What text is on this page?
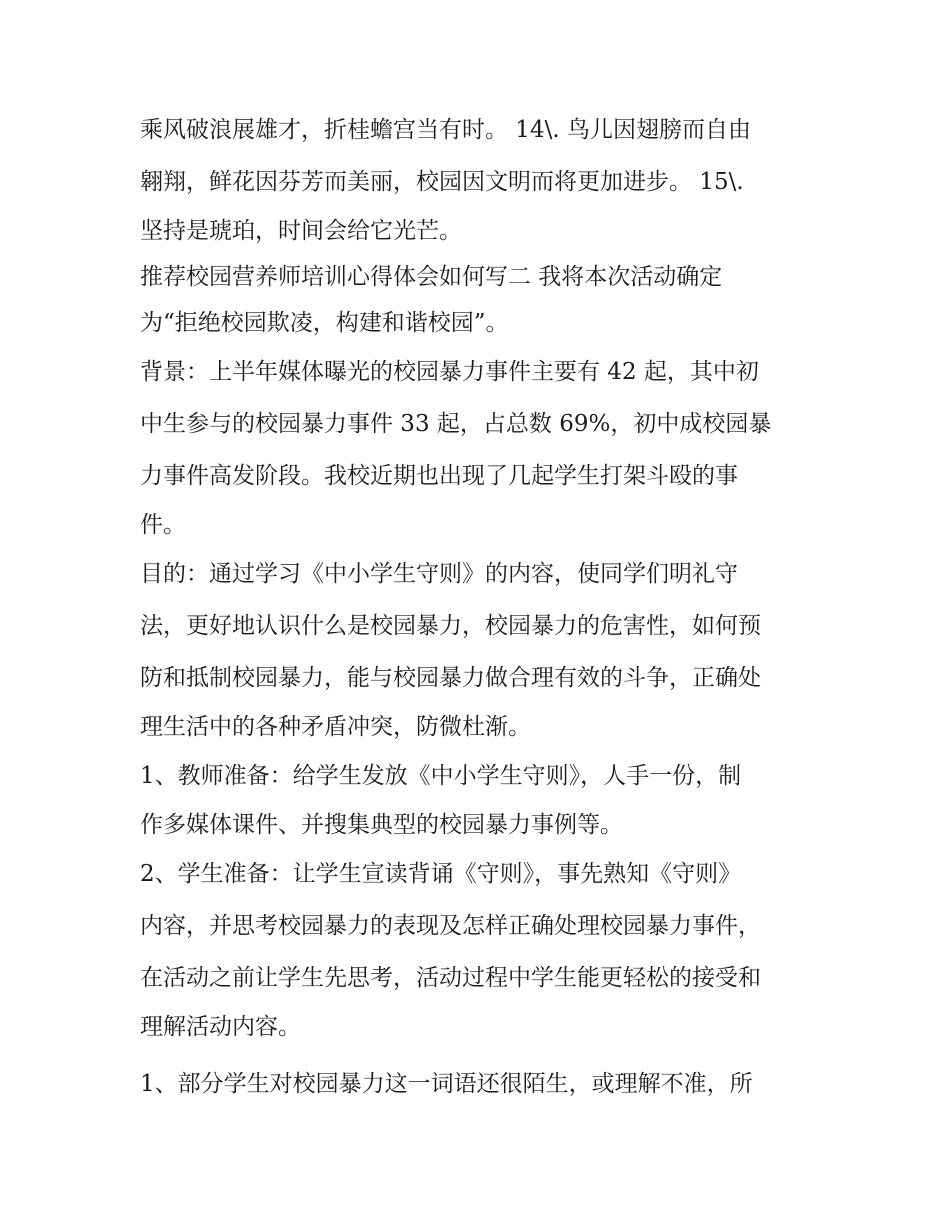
乘风破浪展雄才，折桂蟾宫当有时。 14\. 鸟儿因翅膀而自由
翱翔，鲜花因芬芳而美丽，校园因文明而将更加进步。 15\.
坚持是琥珀，时间会给它光芒。
推荐校园营养师培训心得体会如何写二 我将本次活动确定
为“拒绝校园欺凌，构建和谐校园”。
背景：上半年媒体曝光的校园暴力事件主要有 42 起，其中初
中生参与的校园暴力事件 33 起，占总数 69%，初中成校园暴
力事件高发阶段。我校近期也出现了几起学生打架斗殴的事
件。
目的：通过学习《中小学生守则》的内容，使同学们明礼守
法，更好地认识什么是校园暴力，校园暴力的危害性，如何预
防和抵制校园暴力，能与校园暴力做合理有效的斗争，正确处
理生活中的各种矛盾冲突，防微杜渐。
1、教师准备：给学生发放《中小学生守则》，人手一份，制
作多媒体课件、并搜集典型的校园暴力事例等。
2、学生准备：让学生宣读背诵《守则》，事先熟知《守则》
内容，并思考校园暴力的表现及怎样正确处理校园暴力事件，
在活动之前让学生先思考，活动过程中学生能更轻松的接受和
理解活动内容。
1、部分学生对校园暴力这一词语还很陌生，或理解不准，所
